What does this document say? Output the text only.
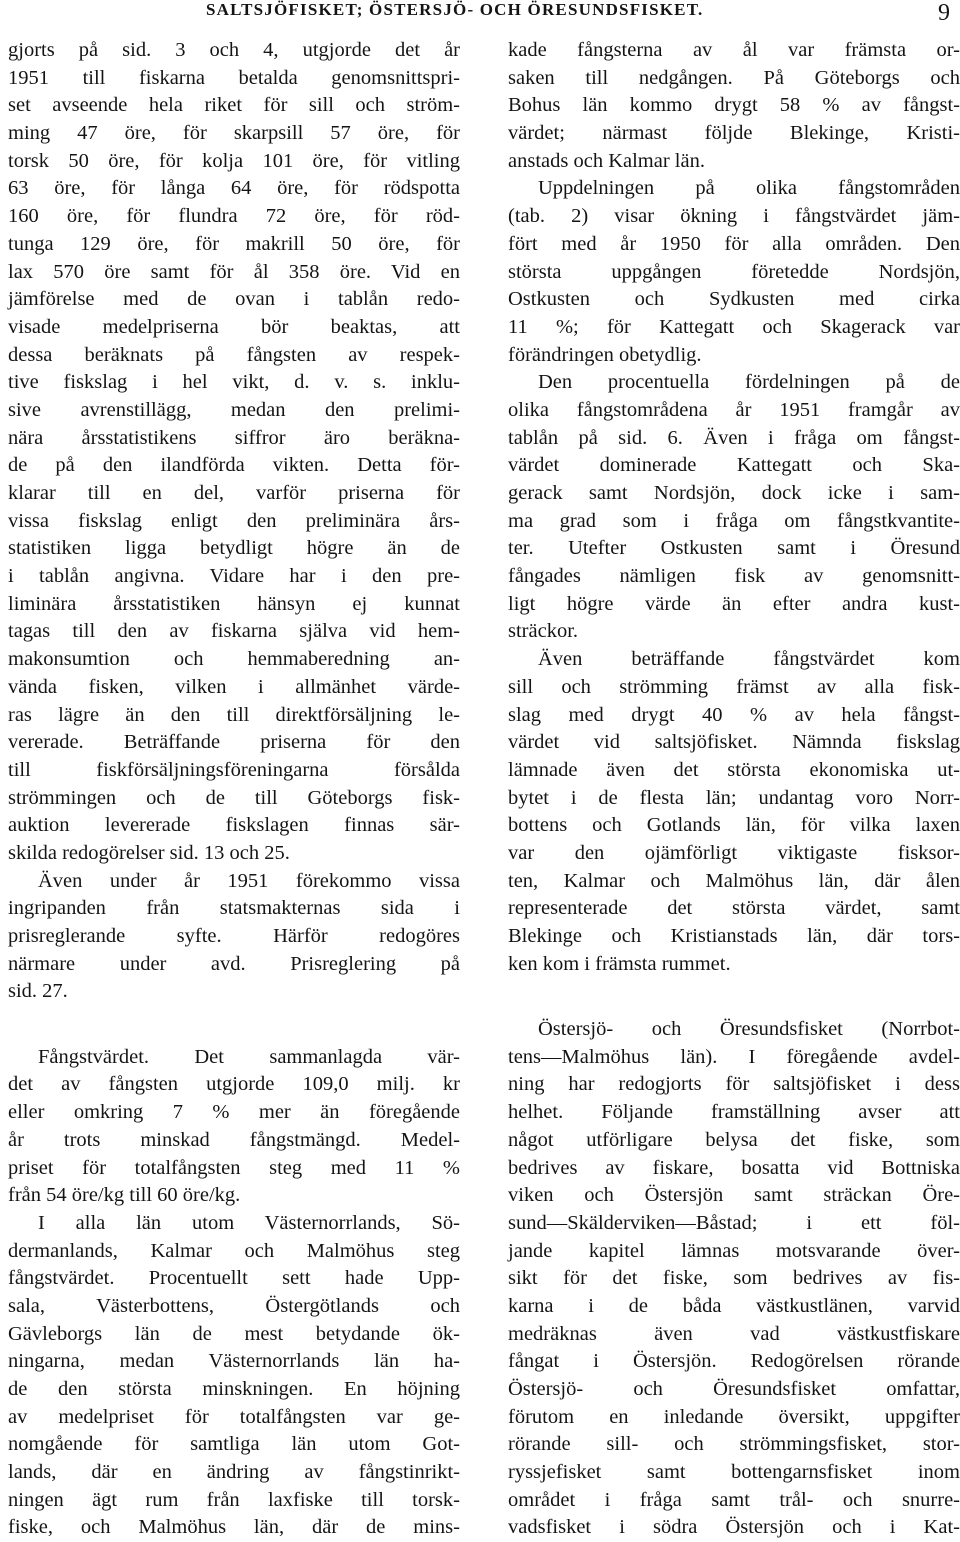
SALTSJÖFISKET; ÖSTERSJÖ- OCH ÖRESUNDSFISKET.	9
gjorts på sid. 3 och 4, utgjorde det år
1951 till fiskarna betalda genomsnittspri-
set avseende hela riket för sill och ström-
ming 47 öre, för skarpsill 57 öre, för
torsk 50 öre, för kolja 101 öre, för vitling
63 öre, för långa 64 öre, för rödspotta
160 öre, för flundra 72 öre, för röd-
tunga 129 öre, för makrill 50 öre, för
lax 570 öre samt för ål 358 öre. Vid en
jämförelse med de ovan i tablån redo-
visade medelpriserna bör beaktas, att
dessa beräknats på fångsten av respek-
tive fiskslag i hel vikt, d. v. s. inklu-
sive avrenstillägg, medan den prelimi-
nära årsstatistikens siffror äro beräkna-
de på den ilandförda vikten. Detta för-
klarar till en del, varför priserna för
vissa fiskslag enligt den preliminära års-
statistiken ligga betydligt högre än de
i tablån angivna. Vidare har i den pre-
liminära årsstatistiken hänsyn ej kunnat
tagas till den av fiskarna själva vid hem-
makonsumtion och hemmaberedning an-
vända fisken, vilken i allmänhet värde-
ras lägre än den till direktförsäljning le-
vererade. Beträffande priserna för den
till fiskförsäljningsföreningarna försålda
strömmingen och de till Göteborgs fisk-
auktion levererade fiskslagen finnas sär-
skilda redogörelser sid. 13 och 25.
Även under år 1951 förekommo vissa
ingripanden från statsmakternas sida i
prisreglerande syfte. Härför redogöres
närmare under avd. Prisreglering på
sid. 27.
Fångstvärdet. Det sammanlagda vär-
det av fångsten utgjorde 109,0 milj. kr
eller omkring 7 % mer än föregående
år trots minskad fångstmängd. Medel-
priset för totalfångsten steg med 11 %
från 54 öre/kg till 60 öre/kg.
I alla län utom Västernorrlands, Sö-
dermanlands, Kalmar och Malmöhus steg
fångstvärdet. Procentuellt sett hade Upp-
sala, Västerbottens, Östergötlands och
Gävleborgs län de mest betydande ök-
ningarna, medan Västernorrlands län ha-
de den största minskningen. En höjning
av medelpriset för totalfångsten var ge-
nomgående för samtliga län utom Got-
lands, där en ändring av fångstinrikt-
ningen ägt rum från laxfiske till torsk-
fiske, och Malmöhus län, där de mins-
kade fångsterna av ål var främsta or-
saken till nedgången. På Göteborgs och
Bohus län kommo drygt 58 % av fångst-
värdet; närmast följde Blekinge, Kristi-
anstads och Kalmar län.
Uppdelningen på olika fångstområden
(tab. 2) visar ökning i fångstvärdet jäm-
fört med år 1950 för alla områden. Den
största uppgången företedde Nordsjön,
Ostkusten och Sydkusten med cirka
11 %; för Kattegatt och Skagerack var
förändringen obetydlig.
Den procentuella fördelningen på de
olika fångstområdena år 1951 framgår av
tablån på sid. 6. Även i fråga om fångst-
värdet dominerade Kattegatt och Ska-
gerack samt Nordsjön, dock icke i sam-
ma grad som i fråga om fångstkvantite-
ter. Utefter Ostkusten samt i Öresund
fångades nämligen fisk av genomsnitt-
ligt högre värde än efter andra kust-
sträckor.
Även beträffande fångstvärdet kom
sill och strömming främst av alla fisk-
slag med drygt 40 % av hela fångst-
värdet vid saltsjöfisket. Nämnda fiskslag
lämnade även det största ekonomiska ut-
bytet i de flesta län; undantag voro Norr-
bottens och Gotlands län, för vilka laxen
var den ojämförligt viktigaste fisksor-
ten, Kalmar och Malmöhus län, där ålen
representerade det största värdet, samt
Blekinge och Kristianstads län, där tors-
ken kom i främsta rummet.
Östersjö- och Öresundsfisket (Norrbot-
tens—Malmöhus län). I föregående avdel-
ning har redogjorts för saltsjöfisket i dess
helhet. Följande framställning avser att
något utförligare belysa det fiske, som
bedrives av fiskare, bosatta vid Bottniska
viken och Östersjön samt sträckan Öre-
sund—Skälderviken—Båstad; i ett föl-
jande kapitel lämnas motsvarande över-
sikt för det fiske, som bedrives av fis-
karna i de båda västkustlänen, varvid
medräknas även vad västkustfiskare
fångat i Östersjön. Redogörelsen rörande
Östersjö- och Öresundsfisket omfattar,
förutom en inledande översikt, uppgifter
rörande sill- och strömmingsfisket, stor-
ryssjefisket samt bottengarnsfisket inom
området i fråga samt trål- och snurre-
vadsfisket i södra Östersjön och i Kat-
